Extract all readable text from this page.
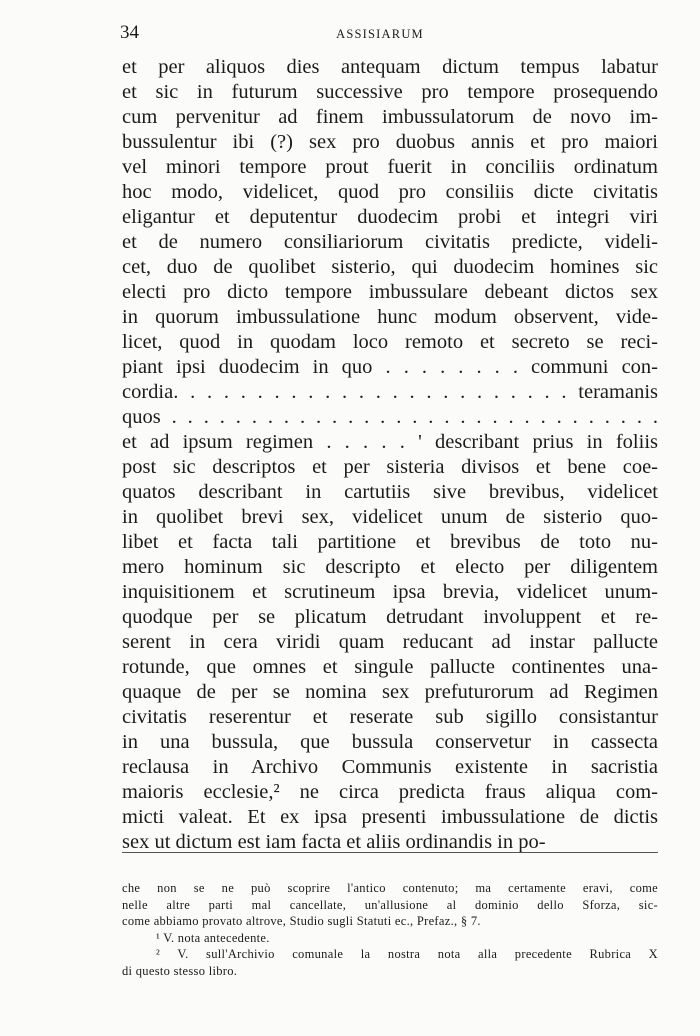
34	ASSISIARUM
et per aliquos dies antequam dictum tempus labatur
et sic in futurum successive pro tempore prosequendo
cum pervenitur ad finem imbussulatorum de novo im-
bussulentur ibi (?) sex pro duobus annis et pro maiori
vel minori tempore prout fuerit in conciliis ordinatum
hoc modo, videlicet, quod pro consiliis dicte civitatis
eligantur et deputentur duodecim probi et integri viri
et de numero consiliariorum civitatis predicte, videli-
cet, duo de quolibet sisterio, qui duodecim homines sic
electi pro dicto tempore imbussulare debeant dictos sex
in quorum imbussulatione hunc modum observent, vide-
licet, quod in quodam loco remoto et secreto se reci-
piant ipsi duodecim in quo . . . . . . . . communi con-
cordia. . . . . . . . . . . . . . . . . . . . . . . . teramanis
quos . . . . . . . . . . . . . . . . . . . . . . . . . . . . . . .
et ad ipsum regimen . . . . . ' describant prius in foliis
post sic descriptos et per sisteria divisos et bene coe-
quatos describant in cartutiis sive brevibus, videlicet
in quolibet brevi sex, videlicet unum de sisterio quo-
libet et facta tali partitione et brevibus de toto nu-
mero hominum sic descripto et electo per diligentem
inquisitionem et scrutineum ipsa brevia, videlicet unum-
quodque per se plicatum detrudant involuppent et re-
serent in cera viridi quam reducant ad instar pallucte
rotunde, que omnes et singule pallucte continentes una-
quaque de per se nomina sex prefuturorum ad Regimen
civitatis reserentur et reserate sub sigillo consistantur
in una bussula, que bussula conservetur in cassecta
reclausa in Archivo Communis existente in sacristia
maioris ecclesie,² ne circa predicta fraus aliqua com-
micti valeat. Et ex ipsa presenti imbussulatione de dictis
sex ut dictum est iam facta et aliis ordinandis in po-
che non se ne può scoprire l'antico contenuto; ma certamente eravi, come
nelle altre parti mal cancellate, un'allusione al dominio dello Sforza, sic-
come abbiamo provato altrove, Studio sugli Statuti ec., Prefaz., § 7.
¹ V. nota antecedente.
² V. sull'Archivio comunale la nostra nota alla precedente Rubrica X
di questo stesso libro.
